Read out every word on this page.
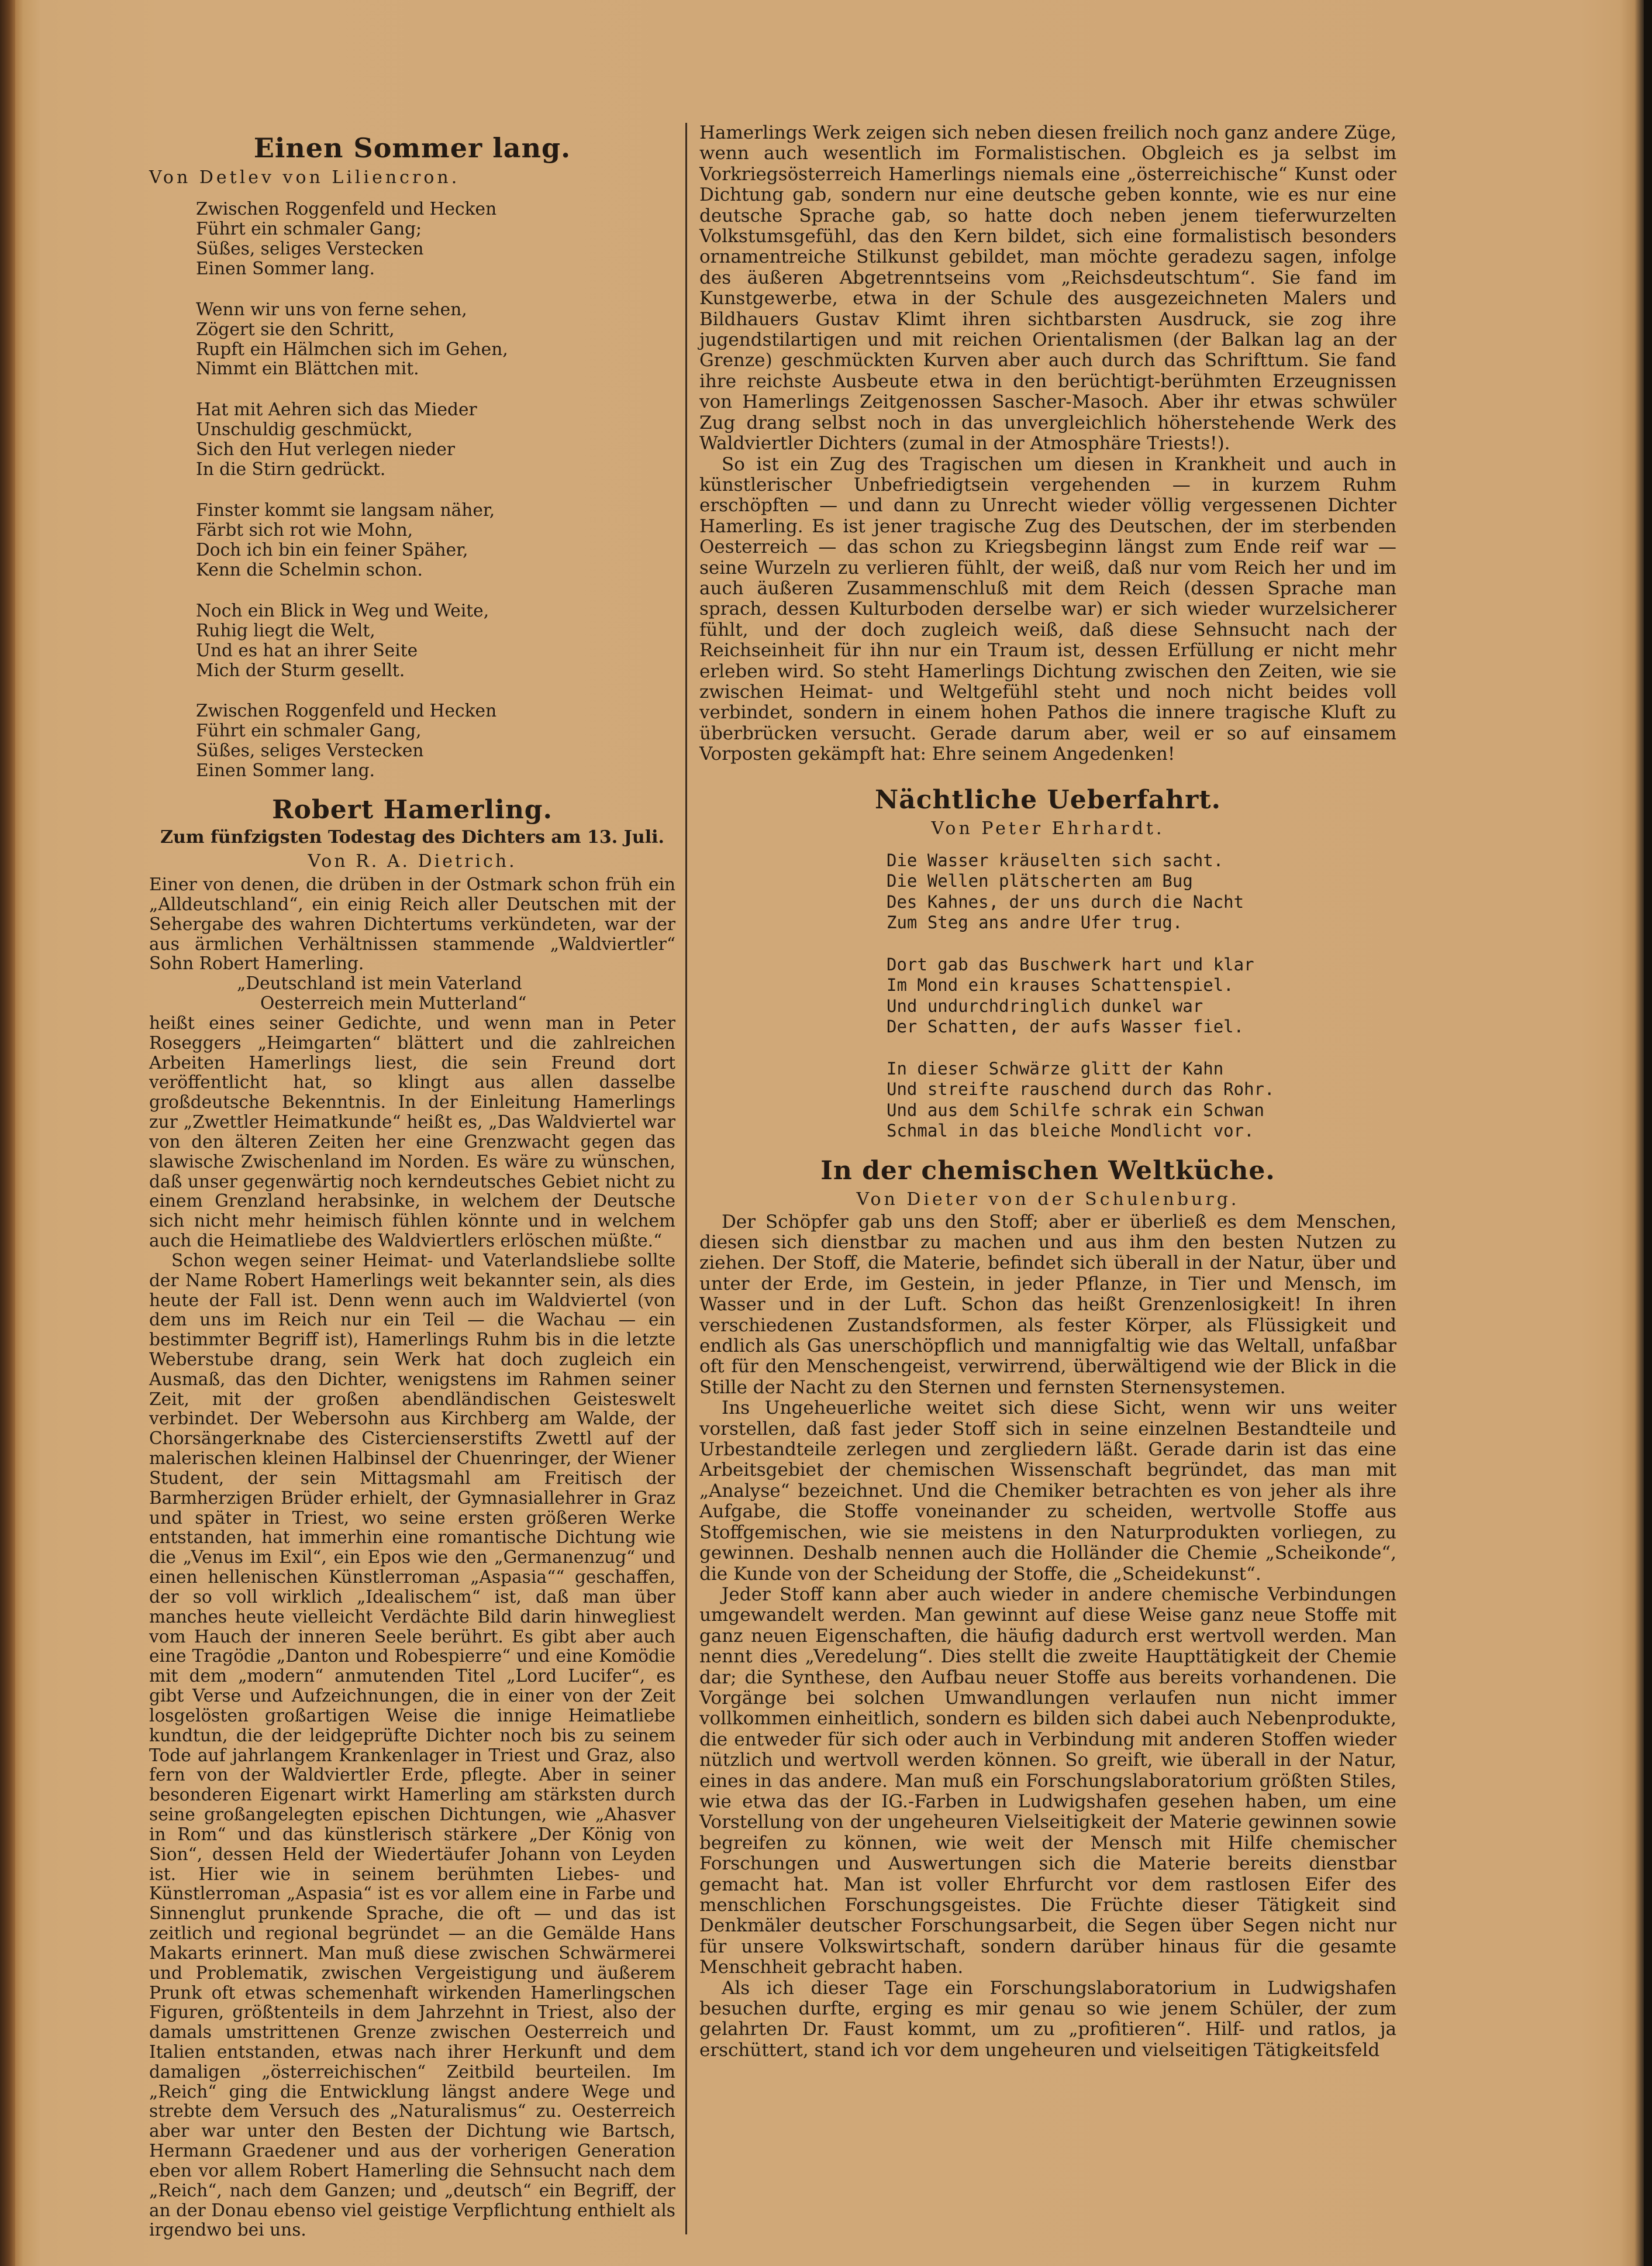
Einen Sommer lang.
Von Detlev von Liliencron.
Zwischen Roggenfeld und Hecken
Führt ein schmaler Gang;
Süßes, seliges Verstecken
Einen Sommer lang.
Wenn wir uns von ferne sehen,
Zögert sie den Schritt,
Rupft ein Hälmchen sich im Gehen,
Nimmt ein Blättchen mit.
Hat mit Aehren sich das Mieder
Unschuldig geschmückt,
Sich den Hut verlegen nieder
In die Stirn gedrückt.
Finster kommt sie langsam näher,
Färbt sich rot wie Mohn,
Doch ich bin ein feiner Späher,
Kenn die Schelmin schon.
Noch ein Blick in Weg und Weite,
Ruhig liegt die Welt,
Und es hat an ihrer Seite
Mich der Sturm gesellt.
Zwischen Roggenfeld und Hecken
Führt ein schmaler Gang,
Süßes, seliges Verstecken
Einen Sommer lang.
Robert Hamerling.
Zum fünfzigsten Todestag des Dichters am 13. Juli.
Von R. A. Dietrich.

Einer von denen, die drüben in der Ostmark schon früh ein „Alldeutschland“, ein einig Reich aller Deutschen mit der Sehergabe des wahren Dichtertums verkündeten, war der aus ärmlichen Verhältnissen stammende „Waldviertler“ Sohn Robert Hamerling.

„Deutschland ist mein Vaterland
Oesterreich mein Mutterland“

heißt eines seiner Gedichte, und wenn man in Peter Roseggers „Heimgarten“ blättert und die zahlreichen Arbeiten Hamerlings liest, die sein Freund dort veröffentlicht hat, so klingt aus allen dasselbe großdeutsche Bekenntnis. In der Einleitung Hamerlings zur „Zwettler Heimatkunde“ heißt es, „Das Waldviertel war von den älteren Zeiten her eine Grenzwacht gegen das slawische Zwischenland im Norden. Es wäre zu wünschen, daß unser gegenwärtig noch kerndeutsches Gebiet nicht zu einem Grenzland herabsinke, in welchem der Deutsche sich nicht mehr heimisch fühlen könnte und in welchem auch die Heimatliebe des Waldviertlers erlöschen müßte.“

Schon wegen seiner Heimat- und Vaterlandsliebe sollte der Name Robert Hamerlings weit bekannter sein, als dies heute der Fall ist. Denn wenn auch im Waldviertel (von dem uns im Reich nur ein Teil — die Wachau — ein bestimmter Begriff ist), Hamerlings Ruhm bis in die letzte Weberstube drang, sein Werk hat doch zugleich ein Ausmaß, das den Dichter, wenigstens im Rahmen seiner Zeit, mit der großen abendländischen Geisteswelt verbindet. Der Webersohn aus Kirchberg am Walde, der Chorsängerknabe des Cistercienserstifts Zwettl auf der malerischen kleinen Halbinsel der Chuenringer, der Wiener Student, der sein Mittagsmahl am Freitisch der Barmherzigen Brüder erhielt, der Gymnasiallehrer in Graz und später in Triest, wo seine ersten größeren Werke entstanden, hat immerhin eine romantische Dichtung wie die „Venus im Exil“, ein Epos wie den „Germanenzug“ und einen hellenischen Künstlerroman „Aspasia““ geschaffen, der so voll wirklich „Idealischem“ ist, daß man über manches heute vielleicht Verdächte Bild darin hinwegliest vom Hauch der inneren Seele berührt. Es gibt aber auch eine Tragödie „Danton und Robespierre“ und eine Komödie mit dem „modern“ anmutenden Titel „Lord Lucifer“, es gibt Verse und Aufzeichnungen, die in einer von der Zeit losgelösten großartigen Weise die innige Heimatliebe kundtun, die der leidgeprüfte Dichter noch bis zu seinem Tode auf jahrlangem Krankenlager in Triest und Graz, also fern von der Waldviertler Erde, pflegte. Aber in seiner besonderen Eigenart wirkt Hamerling am stärksten durch seine großangelegten epischen Dichtungen, wie „Ahasver in Rom“ und das künstlerisch stärkere „Der König von Sion“, dessen Held der Wiedertäufer Johann von Leyden ist. Hier wie in seinem berühmten Liebes- und Künstlerroman „Aspasia“ ist es vor allem eine in Farbe und Sinnenglut prunkende Sprache, die oft — und das ist zeitlich und regional begründet — an die Gemälde Hans Makarts erinnert. Man muß diese zwischen Schwärmerei und Problematik, zwischen Vergeistigung und äußerem Prunk oft etwas schemenhaft wirkenden Hamerlingschen Figuren, größtenteils in dem Jahrzehnt in Triest, also der damals umstrittenen Grenze zwischen Oesterreich und Italien entstanden, etwas nach ihrer Herkunft und dem damaligen „österreichischen“ Zeitbild beurteilen. Im „Reich“ ging die Entwicklung längst andere Wege und strebte dem Versuch des „Naturalismus“ zu. Oesterreich aber war unter den Besten der Dichtung wie Bartsch, Hermann Graedener und aus der vorherigen Generation eben vor allem Robert Hamerling die Sehnsucht nach dem „Reich“, nach dem Ganzen; und „deutsch“ ein Begriff, der an der Donau ebenso viel geistige Verpflichtung enthielt als irgendwo bei uns.

Hamerlings Werk zeigen sich neben diesen freilich noch ganz andere Züge, wenn auch wesentlich im Formalistischen. Obgleich es ja selbst im Vorkriegsösterreich Hamerlings niemals eine „österreichische“ Kunst oder Dichtung gab, sondern nur eine deutsche geben konnte, wie es nur eine deutsche Sprache gab, so hatte doch neben jenem tieferwurzelten Volkstumsgefühl, das den Kern bildet, sich eine formalistisch besonders ornamentreiche Stilkunst gebildet, man möchte geradezu sagen, infolge des äußeren Abgetrenntseins vom „Reichsdeutschtum“. Sie fand im Kunstgewerbe, etwa in der Schule des ausgezeichneten Malers und Bildhauers Gustav Klimt ihren sichtbarsten Ausdruck, sie zog ihre jugendstilartigen und mit reichen Orientalismen (der Balkan lag an der Grenze) geschmückten Kurven aber auch durch das Schrifttum. Sie fand ihre reichste Ausbeute etwa in den berüchtigt-berühmten Erzeugnissen von Hamerlings Zeitgenossen Sascher-Masoch. Aber ihr etwas schwüler Zug drang selbst noch in das unvergleichlich höherstehende Werk des Waldviertler Dichters (zumal in der Atmosphäre Triests!).

So ist ein Zug des Tragischen um diesen in Krankheit und auch in künstlerischer Unbefriedigtsein vergehenden — in kurzem Ruhm erschöpften — und dann zu Unrecht wieder völlig vergessenen Dichter Hamerling. Es ist jener tragische Zug des Deutschen, der im sterbenden Oesterreich — das schon zu Kriegsbeginn längst zum Ende reif war — seine Wurzeln zu verlieren fühlt, der weiß, daß nur vom Reich her und im auch äußeren Zusammenschluß mit dem Reich (dessen Sprache man sprach, dessen Kulturboden derselbe war) er sich wieder wurzelsicherer fühlt, und der doch zugleich weiß, daß diese Sehnsucht nach der Reichseinheit für ihn nur ein Traum ist, dessen Erfüllung er nicht mehr erleben wird. So steht Hamerlings Dichtung zwischen den Zeiten, wie sie zwischen Heimat- und Weltgefühl steht und noch nicht beides voll verbindet, sondern in einem hohen Pathos die innere tragische Kluft zu überbrücken versucht. Gerade darum aber, weil er so auf einsamem Vorposten gekämpft hat: Ehre seinem Angedenken!

Nächtliche Ueberfahrt.
Von Peter Ehrhardt.
Die Wasser kräuselten sich sacht.
Die Wellen plätscherten am Bug
Des Kahnes, der uns durch die Nacht
Zum Steg ans andre Ufer trug.
Dort gab das Buschwerk hart und klar
Im Mond ein krauses Schattenspiel.
Und undurchdringlich dunkel war
Der Schatten, der aufs Wasser fiel.
In dieser Schwärze glitt der Kahn
Und streifte rauschend durch das Rohr.
Und aus dem Schilfe schrak ein Schwan
Schmal in das bleiche Mondlicht vor.
In der chemischen Weltküche.
Von Dieter von der Schulenburg.

Der Schöpfer gab uns den Stoff; aber er überließ es dem Menschen, diesen sich dienstbar zu machen und aus ihm den besten Nutzen zu ziehen. Der Stoff, die Materie, befindet sich überall in der Natur, über und unter der Erde, im Gestein, in jeder Pflanze, in Tier und Mensch, im Wasser und in der Luft. Schon das heißt Grenzenlosigkeit! In ihren verschiedenen Zustandsformen, als fester Körper, als Flüssigkeit und endlich als Gas unerschöpflich und mannigfaltig wie das Weltall, unfaßbar oft für den Menschengeist, verwirrend, überwältigend wie der Blick in die Stille der Nacht zu den Sternen und fernsten Sternensystemen.

Ins Ungeheuerliche weitet sich diese Sicht, wenn wir uns weiter vorstellen, daß fast jeder Stoff sich in seine einzelnen Bestandteile und Urbestandteile zerlegen und zergliedern läßt. Gerade darin ist das eine Arbeitsgebiet der chemischen Wissenschaft begründet, das man mit „Analyse“ bezeichnet. Und die Chemiker betrachten es von jeher als ihre Aufgabe, die Stoffe voneinander zu scheiden, wertvolle Stoffe aus Stoffgemischen, wie sie meistens in den Naturprodukten vorliegen, zu gewinnen. Deshalb nennen auch die Holländer die Chemie „Scheikonde“, die Kunde von der Scheidung der Stoffe, die „Scheidekunst“.

Jeder Stoff kann aber auch wieder in andere chemische Verbindungen umgewandelt werden. Man gewinnt auf diese Weise ganz neue Stoffe mit ganz neuen Eigenschaften, die häufig dadurch erst wertvoll werden. Man nennt dies „Veredelung“. Dies stellt die zweite Haupttätigkeit der Chemie dar; die Synthese, den Aufbau neuer Stoffe aus bereits vorhandenen. Die Vorgänge bei solchen Umwandlungen verlaufen nun nicht immer vollkommen einheitlich, sondern es bilden sich dabei auch Nebenprodukte, die entweder für sich oder auch in Verbindung mit anderen Stoffen wieder nützlich und wertvoll werden können. So greift, wie überall in der Natur, eines in das andere. Man muß ein Forschungslaboratorium größten Stiles, wie etwa das der IG.-Farben in Ludwigshafen gesehen haben, um eine Vorstellung von der ungeheuren Vielseitigkeit der Materie gewinnen sowie begreifen zu können, wie weit der Mensch mit Hilfe chemischer Forschungen und Auswertungen sich die Materie bereits dienstbar gemacht hat. Man ist voller Ehrfurcht vor dem rastlosen Eifer des menschlichen Forschungsgeistes. Die Früchte dieser Tätigkeit sind Denkmäler deutscher Forschungsarbeit, die Segen über Segen nicht nur für unsere Volkswirtschaft, sondern darüber hinaus für die gesamte Menschheit gebracht haben.

Als ich dieser Tage ein Forschungslaboratorium in Ludwigshafen besuchen durfte, erging es mir genau so wie jenem Schüler, der zum gelahrten Dr. Faust kommt, um zu „profitieren“. Hilf- und ratlos, ja erschüttert, stand ich vor dem ungeheuren und vielseitigen Tätigkeitsfeld
